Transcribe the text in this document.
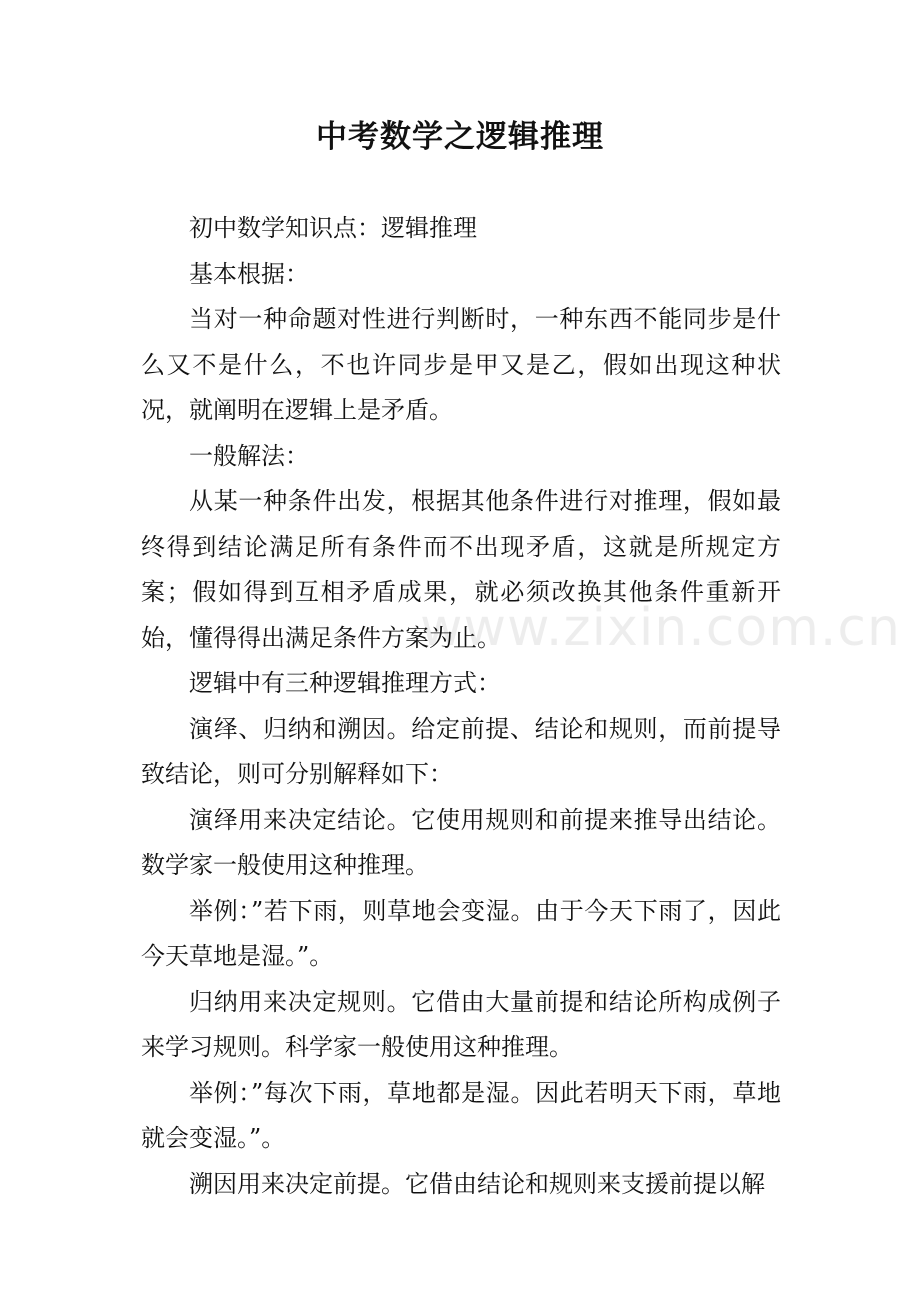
中考数学之逻辑推理

初中数学知识点：逻辑推理

基本根据：

当对一种命题对性进行判断时，一种东西不能同步是什么又不是什么，不也许同步是甲又是乙，假如出现这种状况，就阐明在逻辑上是矛盾。

一般解法：

从某一种条件出发，根据其他条件进行对推理，假如最终得到结论满足所有条件而不出现矛盾，这就是所规定方案；假如得到互相矛盾成果，就必须改换其他条件重新开始，懂得得出满足条件方案为止。

逻辑中有三种逻辑推理方式：

演绎、归纳和溯因。给定前提、结论和规则，而前提导致结论，则可分别解释如下：

演绎用来决定结论。它使用规则和前提来推导出结论。数学家一般使用这种推理。

举例：”若下雨，则草地会变湿。由于今天下雨了，因此今天草地是湿。”。

归纳用来决定规则。它借由大量前提和结论所构成例子来学习规则。科学家一般使用这种推理。

举例：”每次下雨，草地都是湿。因此若明天下雨，草地就会变湿。”。

溯因用来决定前提。它借由结论和规则来支援前提以解

www.zixin.com.cn
